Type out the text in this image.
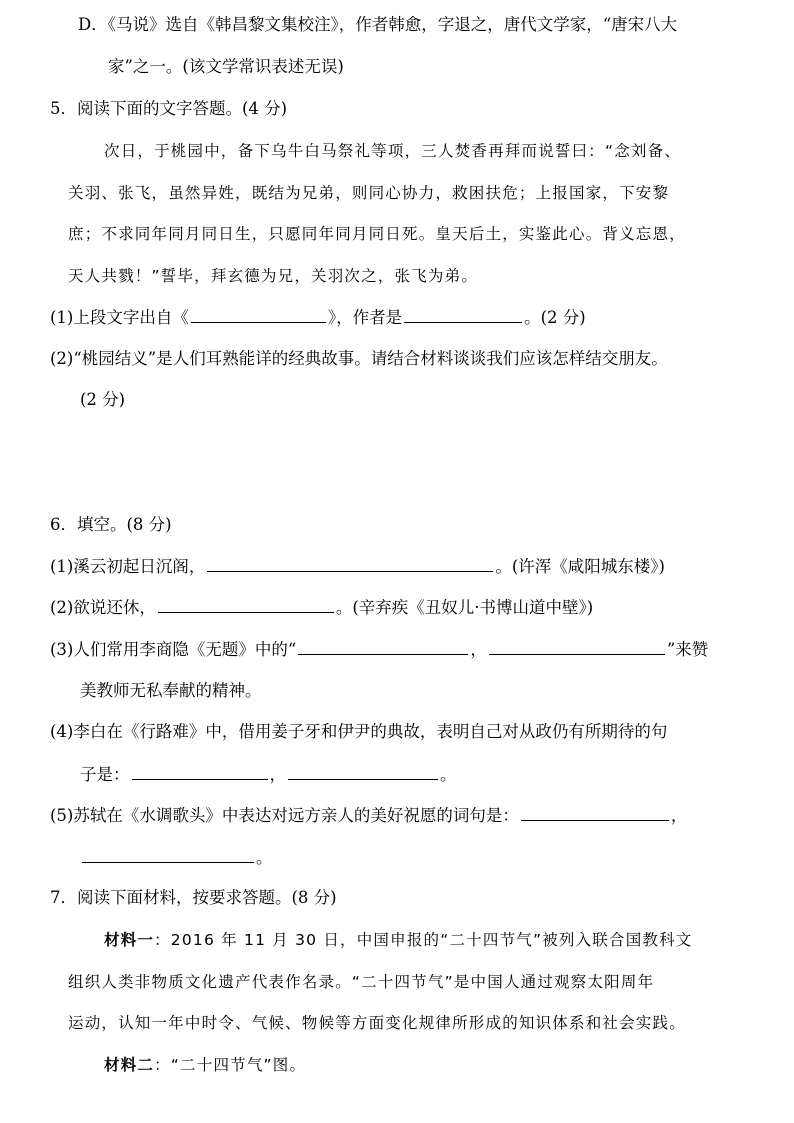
D．《马说》选自《韩昌黎文集校注》，作者韩愈，字退之，唐代文学家，“唐宋八大
家”之一。(该文学常识表述无误)
5．阅读下面的文字答题。(4 分)
次日，于桃园中，备下乌牛白马祭礼等项，三人焚香再拜而说誓曰：“念刘备、
关羽、张飞，虽然异姓，既结为兄弟，则同心协力，救困扶危；上报国家，下安黎
庶；不求同年同月同日生，只愿同年同月同日死。皇天后土，实鉴此心。背义忘恩，
天人共戮！”誓毕，拜玄德为兄，关羽次之，张飞为弟。
(1)上段文字出自《	》，作者是	。(2 分)
(2)“桃园结义”是人们耳熟能详的经典故事。请结合材料谈谈我们应该怎样结交朋友。
(2 分)
6．填空。(8 分)
(1)溪云初起日沉阁，	。(许浑《咸阳城东楼》)
(2)欲说还休，	。(辛弃疾《丑奴儿·书博山道中壁》)
(3)人们常用李商隐《无题》中的“	，	”来赞
美教师无私奉献的精神。
(4)李白在《行路难》中，借用姜子牙和伊尹的典故，表明自己对从政仍有所期待的句
子是：	，	。
(5)苏轼在《水调歌头》中表达对远方亲人的美好祝愿的词句是：	，
。
7．阅读下面材料，按要求答题。(8 分)
材料一：2016 年 11 月 30 日，中国申报的“二十四节气”被列入联合国教科文
组织人类非物质文化遗产代表作名录。“二十四节气”是中国人通过观察太阳周年
运动，认知一年中时令、气候、物候等方面变化规律所形成的知识体系和社会实践。
材料二：“二十四节气”图。
